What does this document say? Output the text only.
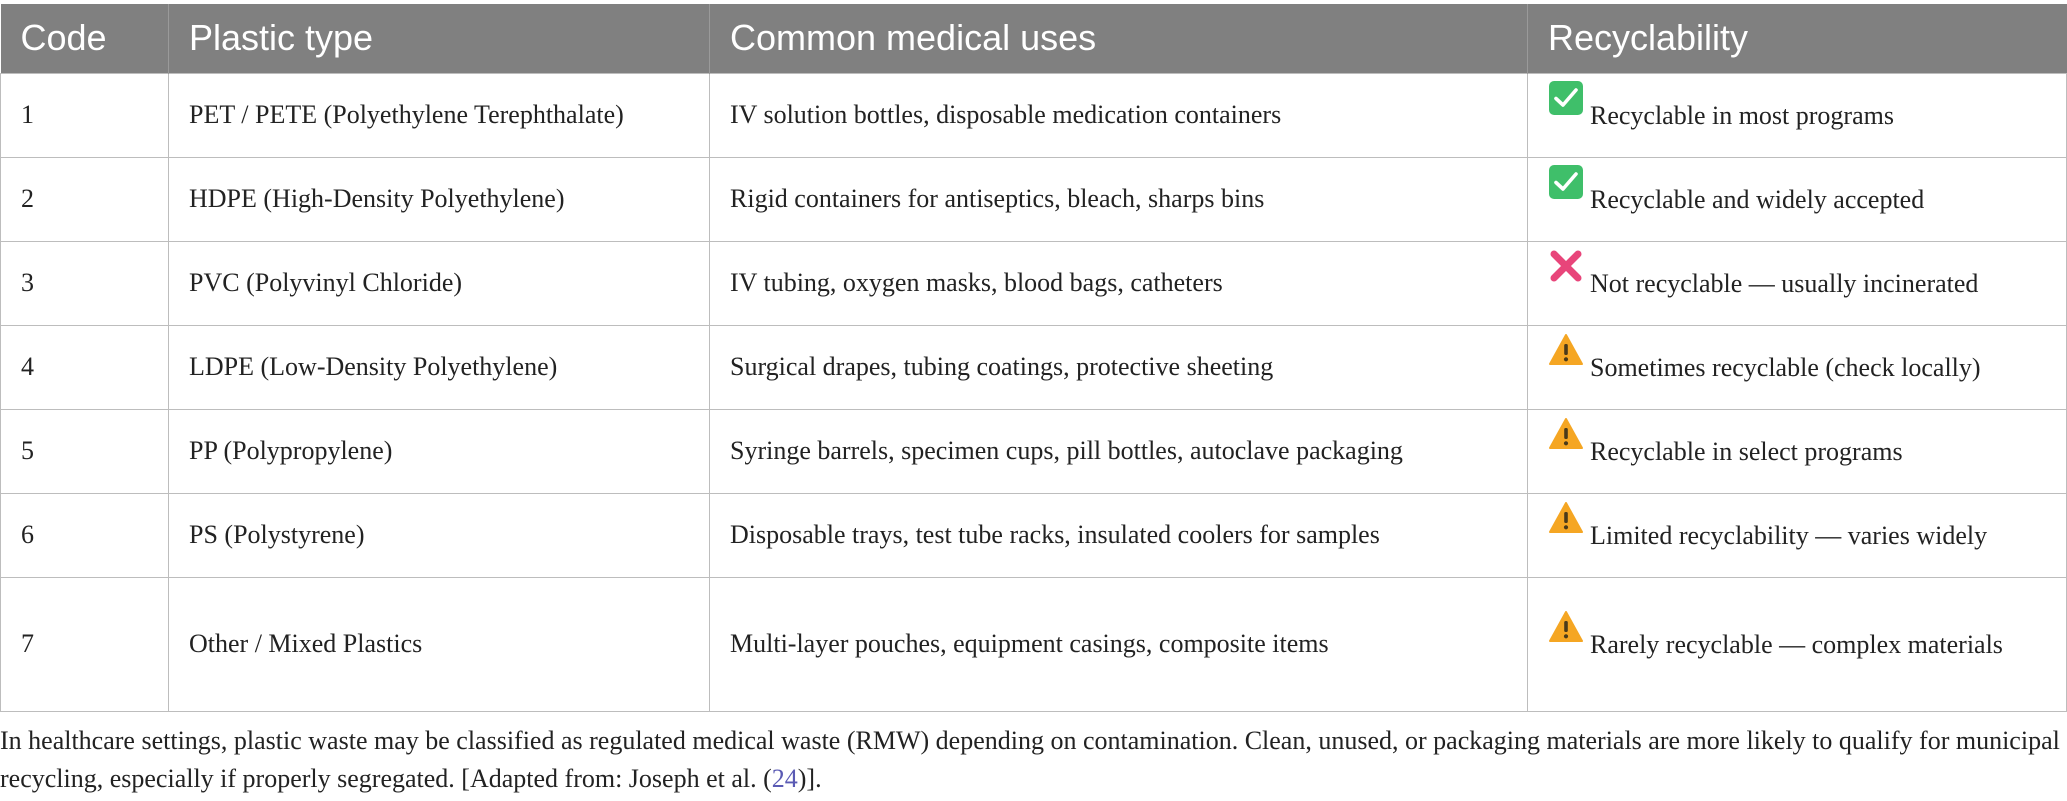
Code	Plastic type	Common medical uses	Recyclability
1	PET / PETE (Polyethylene Terephthalate)	IV solution bottles, disposable medication containers	Recyclable in most programs
2	HDPE (High-Density Polyethylene)	Rigid containers for antiseptics, bleach, sharps bins	Recyclable and widely accepted
3	PVC (Polyvinyl Chloride)	IV tubing, oxygen masks, blood bags, catheters	Not recyclable — usually incinerated
4	LDPE (Low-Density Polyethylene)	Surgical drapes, tubing coatings, protective sheeting	Sometimes recyclable (check locally)
5	PP (Polypropylene)	Syringe barrels, specimen cups, pill bottles, autoclave packaging	Recyclable in select programs
6	PS (Polystyrene)	Disposable trays, test tube racks, insulated coolers for samples	Limited recyclability — varies widely
7	Other / Mixed Plastics	Multi-layer pouches, equipment casings, composite items	Rarely recyclable — complex materials

In healthcare settings, plastic waste may be classified as regulated medical waste (RMW) depending on contamination. Clean, unused, or packaging materials are more likely to qualify for municipal recycling, especially if properly segregated. [Adapted from: Joseph et al. (24)].
